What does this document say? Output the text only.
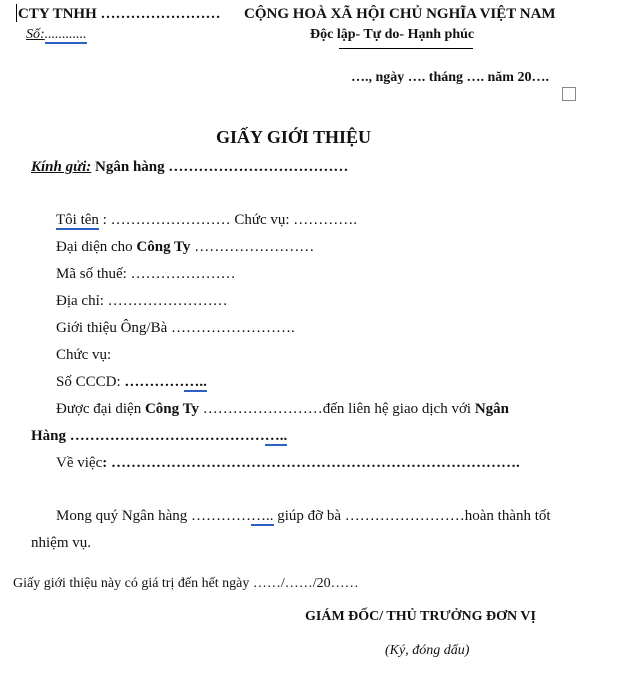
CTY TNHH ……………………
Số:............
CỘNG HOÀ XÃ HỘI CHỦ NGHĨA VIỆT NAM
Độc lập- Tự do- Hạnh phúc
…., ngày …. tháng …. năm 20….
GIẤY GIỚI THIỆU
Kính gửi: Ngân hàng ………………………………
Tôi tên : …………………… Chức vụ: ………….
Đại diện cho Công Ty ……………………
Mã số thuế: …………………
Địa chỉ: ……………………
Giới thiệu Ông/Bà …………………….
Chức vụ:
Số CCCD: ……………..
Được đại diện Công Ty ……………………đến liên hệ giao dịch với Ngân
Hàng ……………………………………..
Về việc: ……………………………………………………………………….
Mong quý Ngân hàng …………….. giúp đỡ bà ……………………hoàn thành tốt
nhiệm vụ.
Giấy giới thiệu này có giá trị đến hết ngày ……/……/20……
GIÁM ĐỐC/ THỦ TRƯỞNG ĐƠN VỊ
(Ký, đóng dấu)
